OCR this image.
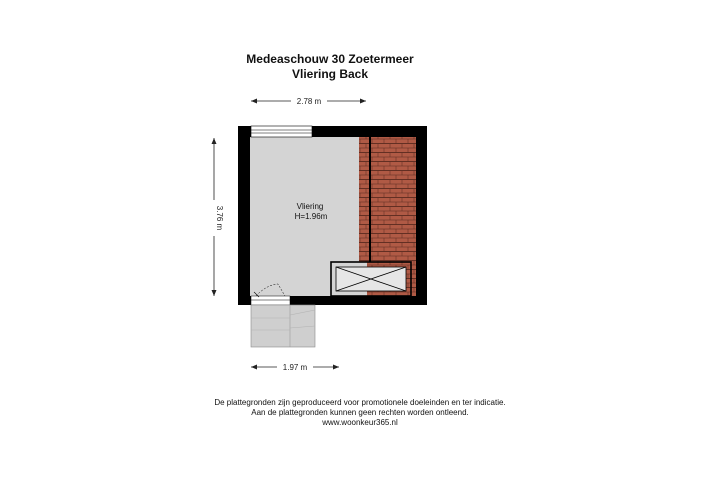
Medeaschouw 30 Zoetermeer
Vliering Back
2.78 m
3.76 m	Vliering
H=1.96m
1.97 m
De plattegronden zijn geproduceerd voor promotionele doeleinden en ter indicatie.
Aan de plattegronden kunnen geen rechten worden ontleend.
www.woonkeur365.nl
